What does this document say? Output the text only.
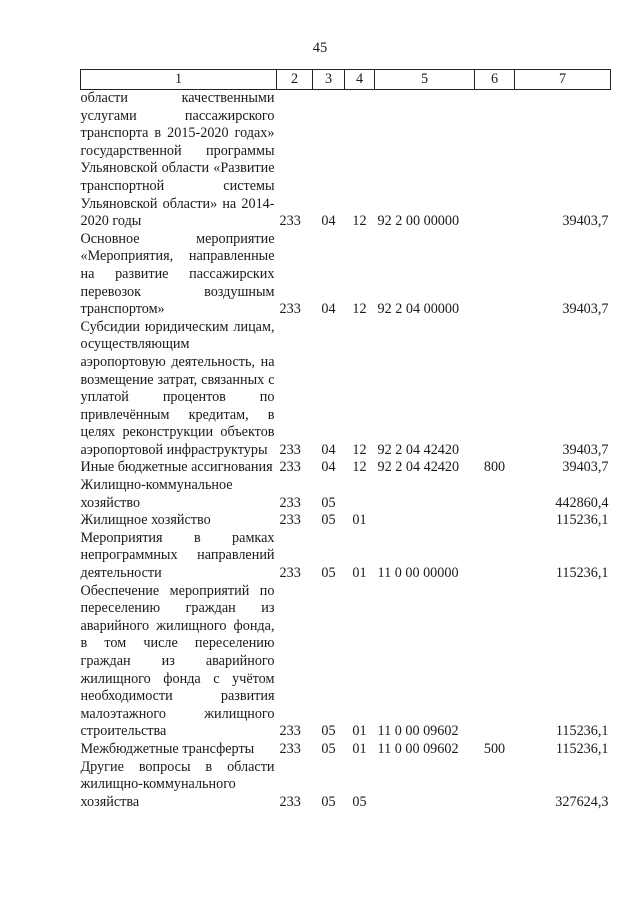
45
1	2	3	4	5	6	7
области качественными услугами пассажирского транспорта в 2015-2020 годах» государственной программы Ульяновской области «Развитие транспортной системы Ульяновской области» на 2014-2020 годы	233	04	12	92 2 00 00000		39403,7
Основное мероприятие «Мероприятия, направленные на развитие пассажирских перевозок воздушным транспортом»	233	04	12	92 2 04 00000		39403,7
Субсидии юридическим лицам, осуществляющим аэропортовую деятельность, на возмещение затрат, связанных с уплатой процентов по привлечённым кредитам, в целях реконструкции объектов аэропортовой инфраструктуры	233	04	12	92 2 04 42420		39403,7
Иные бюджетные ассигнования	233	04	12	92 2 04 42420	800	39403,7
Жилищно-коммунальное хозяйство	233	05				442860,4
Жилищное хозяйство	233	05	01			115236,1
Мероприятия в рамках непрограммных направлений деятельности	233	05	01	11 0 00 00000		115236,1
Обеспечение мероприятий по переселению граждан из аварийного жилищного фонда, в том числе переселению граждан из аварийного жилищного фонда с учётом необходимости развития малоэтажного жилищного строительства	233	05	01	11 0 00 09602		115236,1
Межбюджетные трансферты	233	05	01	11 0 00 09602	500	115236,1
Другие вопросы в области жилищно-коммунального хозяйства	233	05	05			327624,3
